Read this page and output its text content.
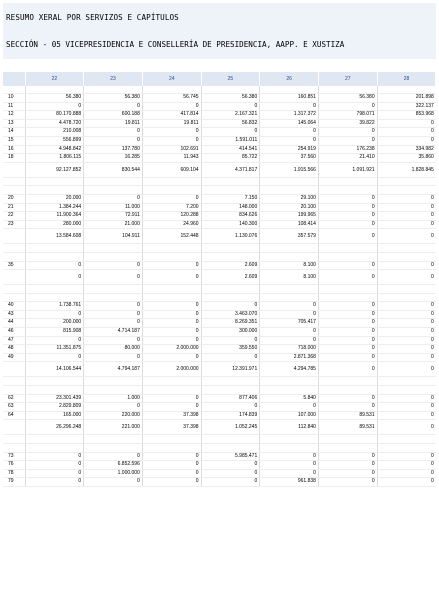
RESUMO XERAL POR SERVIZOS E CAPÍTULOS
SECCIÓN - 05 VICEPRESIDENCIA E CONSELLERÍA DE PRESIDENCIA, AAPP. E XUSTIZA
	22	23	24	25	26	27	28

10	56.380	56.380	56.745	56.380	160.851	56.380	201.898
11	0	0	0	0	0	0	322.137
12	80.170.888	600.188	417.814	2.167.321	1.317.372	798.071	853.968
13	4.478.720	19.811	19.811	56.832	145.064	39.822	0
14	210.008	0	0	0	0	0	0
15	556.899	0	0	1.591.011	0	0	0
16	4.948.842	137.780	102.691	414.541	254.919	176.238	334.982
18	1.806.115	16.285	11.943	85.722	37.560	21.410	35.860
	92.127.852	830.544	609.104	4.371.817	1.915.566	1.091.921	1.828.845

20	20.000	0	0	7.150	29.100	0	0
21	1.384.244	11.000	7.200	148.000	20.100	0	0
22	11.900.364	72.911	120.288	834.626	199.965	0	0
23	280.000	21.000	24.960	140.300	108.414	0	0
	13.584.608	104.911	152.448	1.130.076	357.579	0	0

35	0	0	0	2.609	8.100	0	0
	0	0	0	2.609	8.100	0	0

40	1.738.761	0	0	0	0	0	0
43	0	0	0	3.463.070	0	0	0
44	200.000	0	0	8.269.351	705.417	0	0
46	815.908	4.714.187	0	300.000	0	0	0
47	0	0	0	0	0	0	0
48	11.351.875	80.000	2.000.000	359.550	718.000	0	0
49	0	0	0	0	2.871.368	0	0
	14.106.544	4.794.187	2.000.000	12.391.971	4.294.785	0	0

62	23.301.439	1.000	0	877.406	5.840	0	0
63	2.829.809	0	0	0	0	0	0
64	165.000	220.000	37.398	174.839	107.000	89.531	0
	26.296.248	221.000	37.398	1.052.245	112.840	89.531	0

73	0	0	0	5.985.471	0	0	0
76	0	6.852.596	0	0	0	0	0
78	0	1.000.000	0	0	0	0	0
79	0	0	0	0	961.838	0	0
